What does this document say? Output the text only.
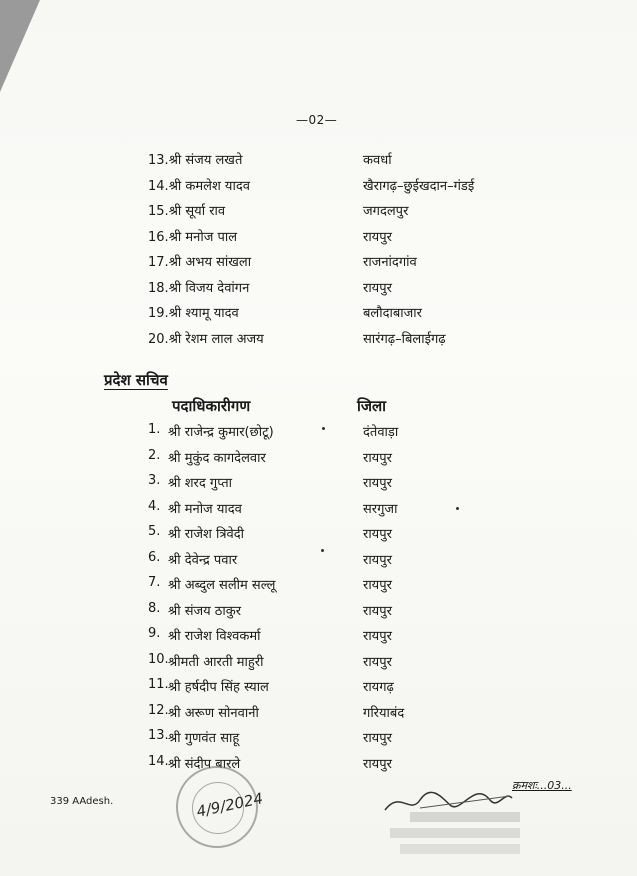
—02—
13.श्री संजय लखते	कवर्धा
14.श्री कमलेश यादव	खैरागढ़–छुईखदान–गंडई
15.श्री सूर्या राव	जगदलपुर
16.श्री मनोज पाल	रायपुर
17.श्री अभय सांखला	राजनांदगांव
18.श्री विजय देवांगन	रायपुर
19.श्री श्यामू यादव	बलौदाबाजार
20.श्री रेशम लाल अजय	सारंगढ़–बिलाईगढ़
प्रदेश सचिव
पदाधिकारीगण	जिला
1. श्री राजेन्द्र कुमार(छोटू)	दंतेवाड़ा
2. श्री मुकुंद कागदेलवार	रायपुर
3. श्री शरद गुप्ता	रायपुर
4. श्री मनोज यादव	सरगुजा
5. श्री राजेश त्रिवेदी	रायपुर
6. श्री देवेन्द्र पवार	रायपुर
7. श्री अब्दुल सलीम सल्लू	रायपुर
8. श्री संजय ठाकुर	रायपुर
9. श्री राजेश विश्वकर्मा	रायपुर
10. श्रीमती आरती माहुरी	रायपुर
11. श्री हर्षदीप सिंह स्याल	रायगढ़
12. श्री अरूण सोनवानी	गरियाबंद
13. श्री गुणवंत साहू	रायपुर
14. श्री संदीप बारले	रायपुर
339 AAdesh.	4/9/2024
क्रमशः...03...
